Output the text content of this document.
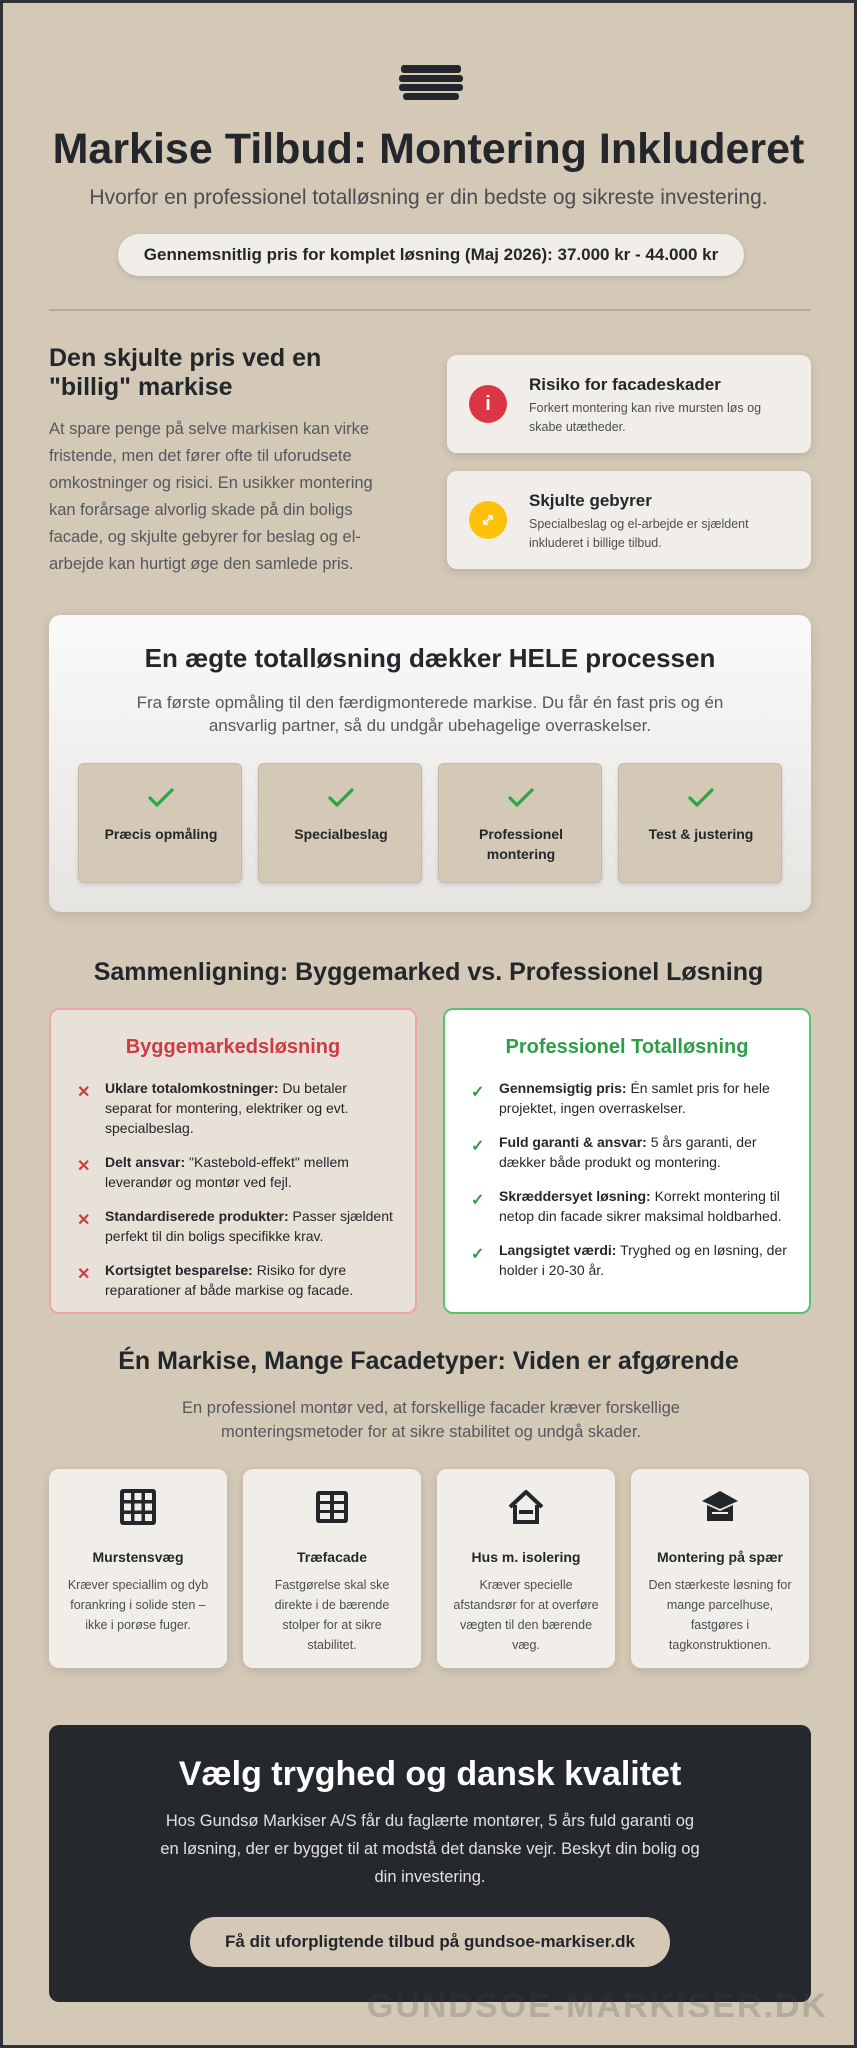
Markise Tilbud: Montering Inkluderet
Hvorfor en professionel totalløsning er din bedste og sikreste investering.
Gennemsnitlig pris for komplet løsning (Maj 2026): 37.000 kr - 44.000 kr
Den skjulte pris ved en "billig" markise
At spare penge på selve markisen kan virke fristende, men det fører ofte til uforudsete omkostninger og risici. En usikker montering kan forårsage alvorlig skade på din boligs facade, og skjulte gebyrer for beslag og el-arbejde kan hurtigt øge den samlede pris.
i
Risiko for facadeskader
Forkert montering kan rive mursten løs og skabe utætheder.
Skjulte gebyrer
Specialbeslag og el-arbejde er sjældent inkluderet i billige tilbud.
En ægte totalløsning dækker HELE processen
Fra første opmåling til den færdigmonterede markise. Du får én fast pris og én ansvarlig partner, så du undgår ubehagelige overraskelser.
Præcis opmåling	Specialbeslag	Professionel montering
Test & justering
Sammenligning: Byggemarked vs. Professionel Løsning
Byggemarkedsløsning
✕ Uklare totalomkostninger: Du betaler separat for montering, elektriker og evt. specialbeslag.
✕ Delt ansvar: "Kastebold-effekt" mellem leverandør og montør ved fejl.
✕ Standardiserede produkter: Passer sjældent perfekt til din boligs specifikke krav.
✕ Kortsigtet besparelse: Risiko for dyre reparationer af både markise og facade.
Professionel Totalløsning
✓ Gennemsigtig pris: Én samlet pris for hele projektet, ingen overraskelser.
✓ Fuld garanti & ansvar: 5 års garanti, der dækker både produkt og montering.
✓ Skræddersyet løsning: Korrekt montering til netop din facade sikrer maksimal holdbarhed.
✓ Langsigtet værdi: Tryghed og en løsning, der holder i 20-30 år.
Én Markise, Mange Facadetyper: Viden er afgørende
En professionel montør ved, at forskellige facader kræver forskellige monteringsmetoder for at sikre stabilitet og undgå skader.
Murstensvæg
Kræver speciallim og dyb forankring i solide sten – ikke i porøse fuger.
Træfacade
Fastgørelse skal ske direkte i de bærende stolper for at sikre stabilitet.
Hus m. isolering
Kræver specielle afstandsrør for at overføre vægten til den bærende væg.
Montering på spær
Den stærkeste løsning for mange parcelhuse, fastgøres i tagkonstruktionen.
Vælg tryghed og dansk kvalitet
Hos Gundsø Markiser A/S får du faglærte montører, 5 års fuld garanti og en løsning, der er bygget til at modstå det danske vejr. Beskyt din bolig og din investering.
Få dit uforpligtende tilbud på gundsoe-markiser.dk
GUNDSOE-MARKISER.DK
